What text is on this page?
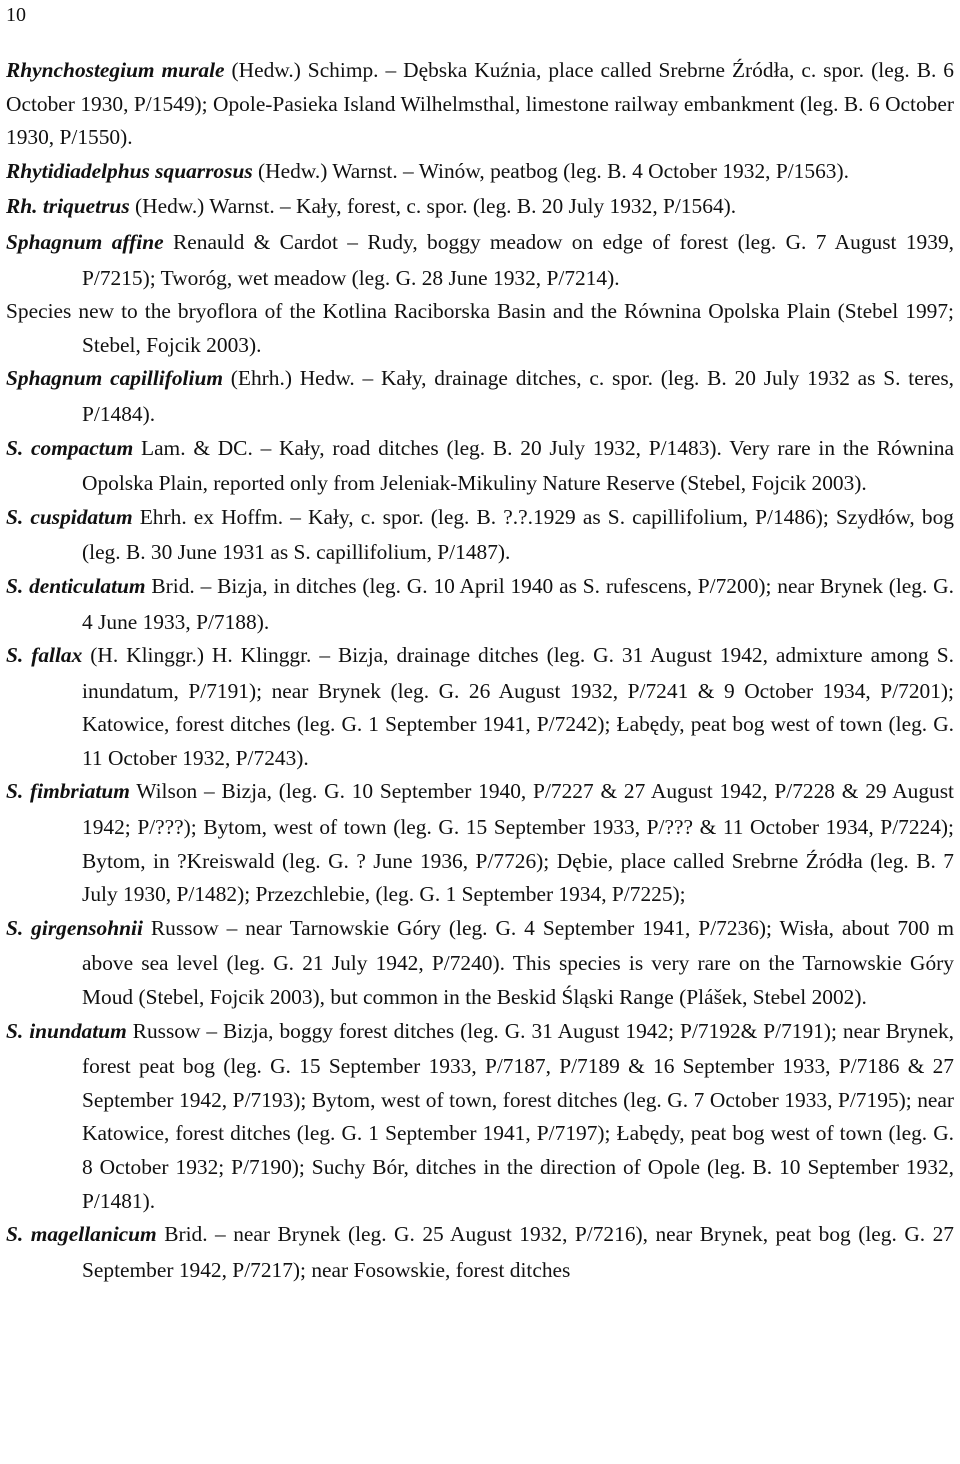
10

Rhynchostegium murale (Hedw.) Schimp. – Dębska Kuźnia, place called Srebrne Źródła, c. spor. (leg. B. 6 October 1930, P/1549); Opole-Pasieka Island Wilhelmsthal, limestone railway embankment (leg. B. 6 October 1930, P/1550).

Rhytidiadelphus squarrosus (Hedw.) Warnst. – Winów, peatbog (leg. B. 4 October 1932, P/1563).

Rh. triquetrus (Hedw.) Warnst. – Kały, forest, c. spor. (leg. B. 20 July 1932, P/1564).

Sphagnum affine Renauld & Cardot – Rudy, boggy meadow on edge of forest (leg. G. 7 August 1939, P/7215); Tworóg, wet meadow (leg. G. 28 June 1932, P/7214).
Species new to the bryoflora of the Kotlina Raciborska Basin and the Równina Opolska Plain (Stebel 1997; Stebel, Fojcik 2003).

Sphagnum capillifolium (Ehrh.) Hedw. – Kały, drainage ditches, c. spor. (leg. B. 20 July 1932 as S. teres, P/1484).

S. compactum Lam. & DC. – Kały, road ditches (leg. B. 20 July 1932, P/1483). Very rare in the Równina Opolska Plain, reported only from Jeleniak-Mikuliny Nature Reserve (Stebel, Fojcik 2003).

S. cuspidatum Ehrh. ex Hoffm. – Kały, c. spor. (leg. B. ?.?.1929 as S. capillifolium, P/1486); Szydłów, bog (leg. B. 30 June 1931 as S. capillifolium, P/1487).

S. denticulatum Brid. – Bizja, in ditches (leg. G. 10 April 1940 as S. rufescens, P/7200); near Brynek (leg. G. 4 June 1933, P/7188).

S. fallax (H. Klinggr.) H. Klinggr. – Bizja, drainage ditches (leg. G. 31 August 1942, admixture among S. inundatum, P/7191); near Brynek (leg. G. 26 August 1932, P/7241 & 9 October 1934, P/7201); Katowice, forest ditches (leg. G. 1 September 1941, P/7242); Łabędy, peat bog west of town (leg. G. 11 October 1932, P/7243).

S. fimbriatum Wilson – Bizja, (leg. G. 10 September 1940, P/7227 & 27 August 1942, P/7228 & 29 August 1942; P/???); Bytom, west of town (leg. G. 15 September 1933, P/??? & 11 October 1934, P/7224); Bytom, in ?Kreiswald (leg. G. ? June 1936, P/7726); Dębie, place called Srebrne Źródła (leg. B. 7 July 1930, P/1482); Przezchlebie, (leg. G. 1 September 1934, P/7225);

S. girgensohnii Russow – near Tarnowskie Góry (leg. G. 4 September 1941, P/7236); Wisła, about 700 m above sea level (leg. G. 21 July 1942, P/7240). This species is very rare on the Tarnowskie Góry Moud (Stebel, Fojcik 2003), but common in the Beskid Śląski Range (Plášek, Stebel 2002).

S. inundatum Russow – Bizja, boggy forest ditches (leg. G. 31 August 1942; P/7192& P/7191); near Brynek, forest peat bog (leg. G. 15 September 1933, P/7187, P/7189 & 16 September 1933, P/7186 & 27 September 1942, P/7193); Bytom, west of town, forest ditches (leg. G. 7 October 1933, P/7195); near Katowice, forest ditches (leg. G. 1 September 1941, P/7197); Łabędy, peat bog west of town (leg. G. 8 October 1932; P/7190); Suchy Bór, ditches in the direction of Opole (leg. B. 10 September 1932, P/1481).

S. magellanicum Brid. – near Brynek (leg. G. 25 August 1932, P/7216), near Brynek, peat bog (leg. G. 27 September 1942, P/7217); near Fosowskie, forest ditches
